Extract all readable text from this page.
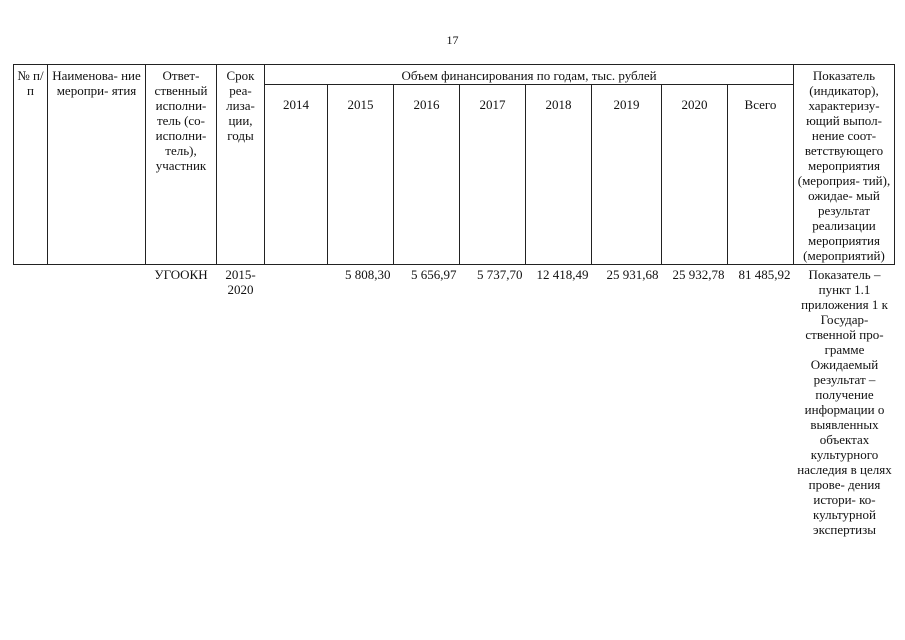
17
№ п/п	Наименова- ние меропри- ятия	Ответ- ственный исполни- тель (со- исполни- тель), участник	Срок реа- лиза- ции, годы	Объем финансирования по годам, тыс. рублей								Показатель (индикатор), характеризу- ющий выпол- нение соот- ветствующего мероприятия (мероприя- тий), ожидае- мый результат реализации мероприятия (мероприятий)
				2014	2015	2016	2017	2018	2019	2020	Всего	
		УГООКН	2015- 2020		5 808,30	5 656,97	5 737,70	12 418,49	25 931,68	25 932,78	81 485,92	Показатель – пункт 1.1 приложения 1 к Государ- ственной про- грамме Ожидаемый результат – получение информации о выявленных объектах культурного наследия в целях прове- дения истори- ко-культурной экспертизы
